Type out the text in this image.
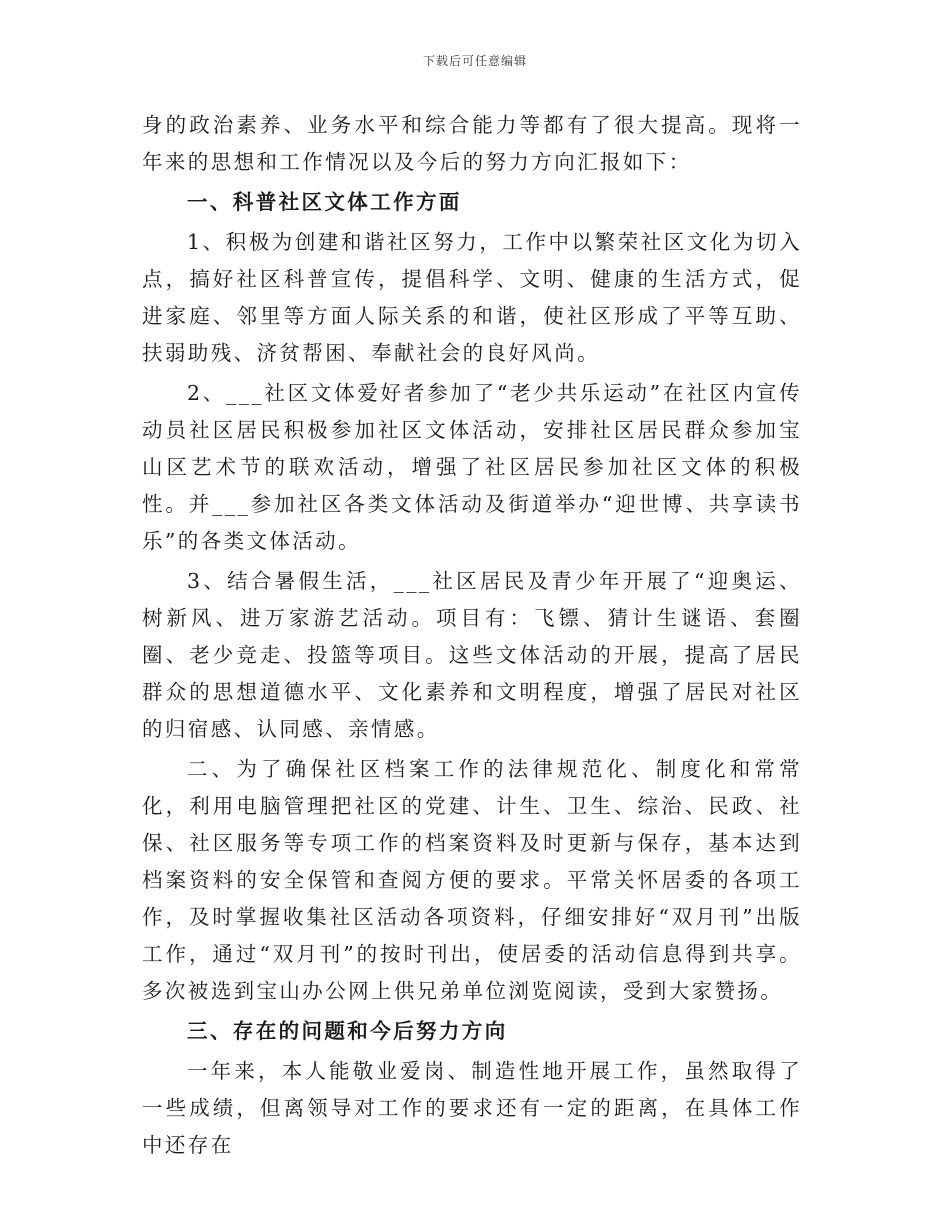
下载后可任意编辑

身的政治素养、业务水平和综合能力等都有了很大提高。现将一年来的思想和工作情况以及今后的努力方向汇报如下：

一、科普社区文体工作方面

1、积极为创建和谐社区努力，工作中以繁荣社区文化为切入点，搞好社区科普宣传，提倡科学、文明、健康的生活方式，促进家庭、邻里等方面人际关系的和谐，使社区形成了平等互助、扶弱助残、济贫帮困、奉献社会的良好风尚。

2、___社区文体爱好者参加了“老少共乐运动”在社区内宣传动员社区居民积极参加社区文体活动，安排社区居民群众参加宝山区艺术节的联欢活动，增强了社区居民参加社区文体的积极性。并___参加社区各类文体活动及街道举办“迎世博、共享读书乐”的各类文体活动。

3、结合暑假生活，___社区居民及青少年开展了“迎奥运、树新风、进万家游艺活动。项目有：飞镖、猜计生谜语、套圈圈、老少竞走、投篮等项目。这些文体活动的开展，提高了居民群众的思想道德水平、文化素养和文明程度，增强了居民对社区的归宿感、认同感、亲情感。

二、为了确保社区档案工作的法律规范化、制度化和常常化，利用电脑管理把社区的党建、计生、卫生、综治、民政、社保、社区服务等专项工作的档案资料及时更新与保存，基本达到档案资料的安全保管和查阅方便的要求。平常关怀居委的各项工作，及时掌握收集社区活动各项资料，仔细安排好“双月刊”出版工作，通过“双月刊”的按时刊出，使居委的活动信息得到共享。多次被选到宝山办公网上供兄弟单位浏览阅读，受到大家赞扬。

三、存在的问题和今后努力方向

一年来，本人能敬业爱岗、制造性地开展工作，虽然取得了一些成绩，但离领导对工作的要求还有一定的距离，在具体工作中还存在
